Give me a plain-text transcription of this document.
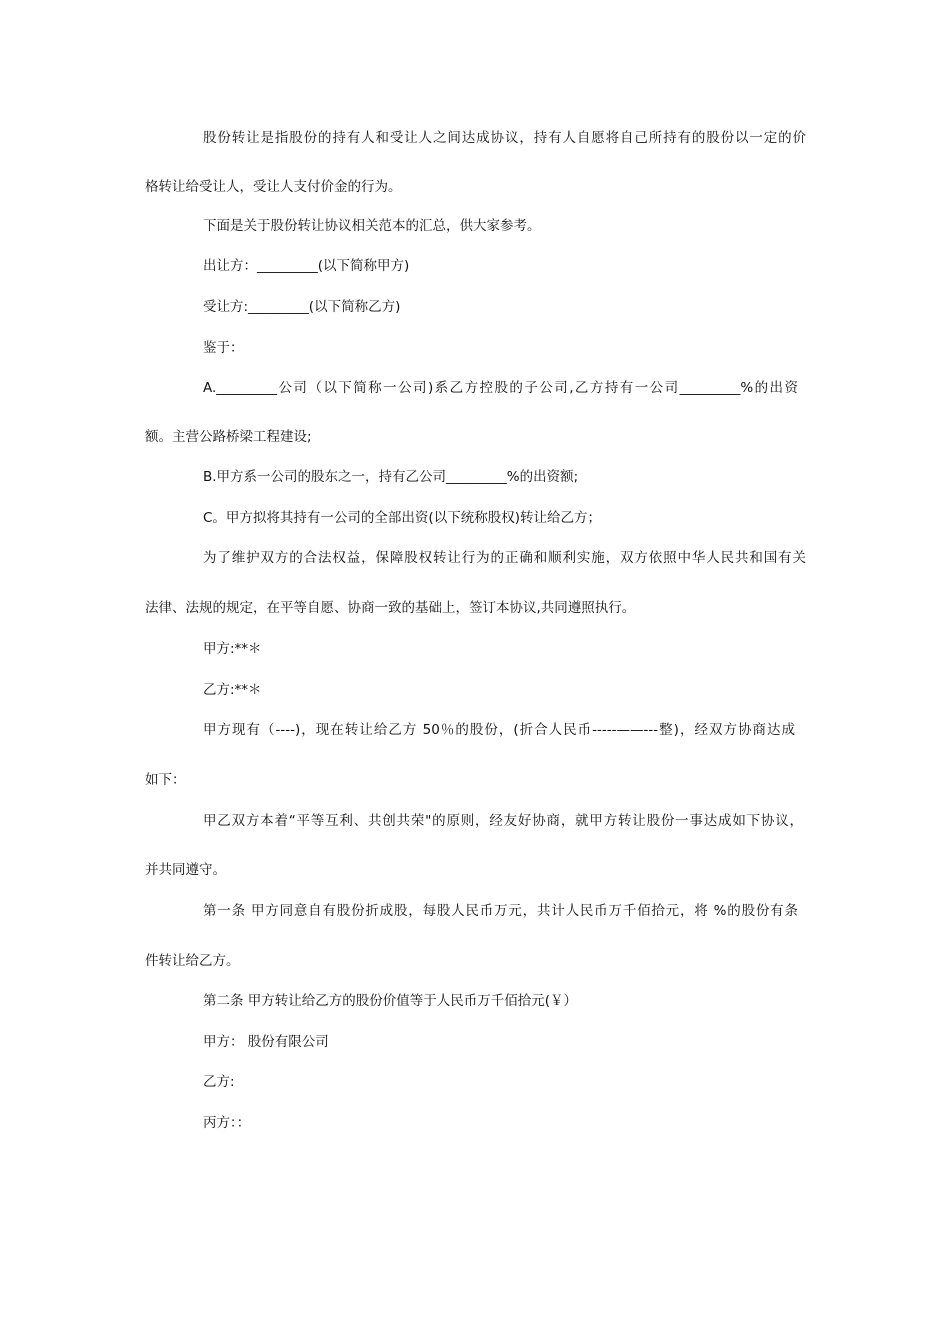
股份转让是指股份的持有人和受让人之间达成协议，持有人自愿将自己所持有的股份以一定的价

格转让给受让人，受让人支付价金的行为。

下面是关于股份转让协议相关范本的汇总，供大家参考。

出让方：_________(以下简称甲方)

受让方:_________(以下简称乙方)

鉴于：

A._________公司（以下简称一公司)系乙方控股的子公司,乙方持有一公司_________%的出资

额。主营公路桥梁工程建设;

B.甲方系一公司的股东之一，持有乙公司_________%的出资额;

C。甲方拟将其持有一公司的全部出资(以下统称股权)转让给乙方；

为了维护双方的合法权益，保障股权转让行为的正确和顺利实施，双方依照中华人民共和国有关

法律、法规的规定，在平等自愿、协商一致的基础上，签订本协议,共同遵照执行。

甲方:**＊

乙方:**＊

甲方现有（----)，现在转让给乙方 50％的股份，(折合人民币-----——---整)，经双方协商达成

如下：

甲乙双方本着“平等互利、共创共荣"的原则，经友好协商，就甲方转让股份一事达成如下协议，

并共同遵守。

第一条 甲方同意自有股份折成股，每股人民币万元，共计人民币万千佰拾元，将 %的股份有条

件转让给乙方。

第二条 甲方转让给乙方的股份价值等于人民币万千佰拾元(￥）

甲方： 股份有限公司

乙方:

丙方：：
